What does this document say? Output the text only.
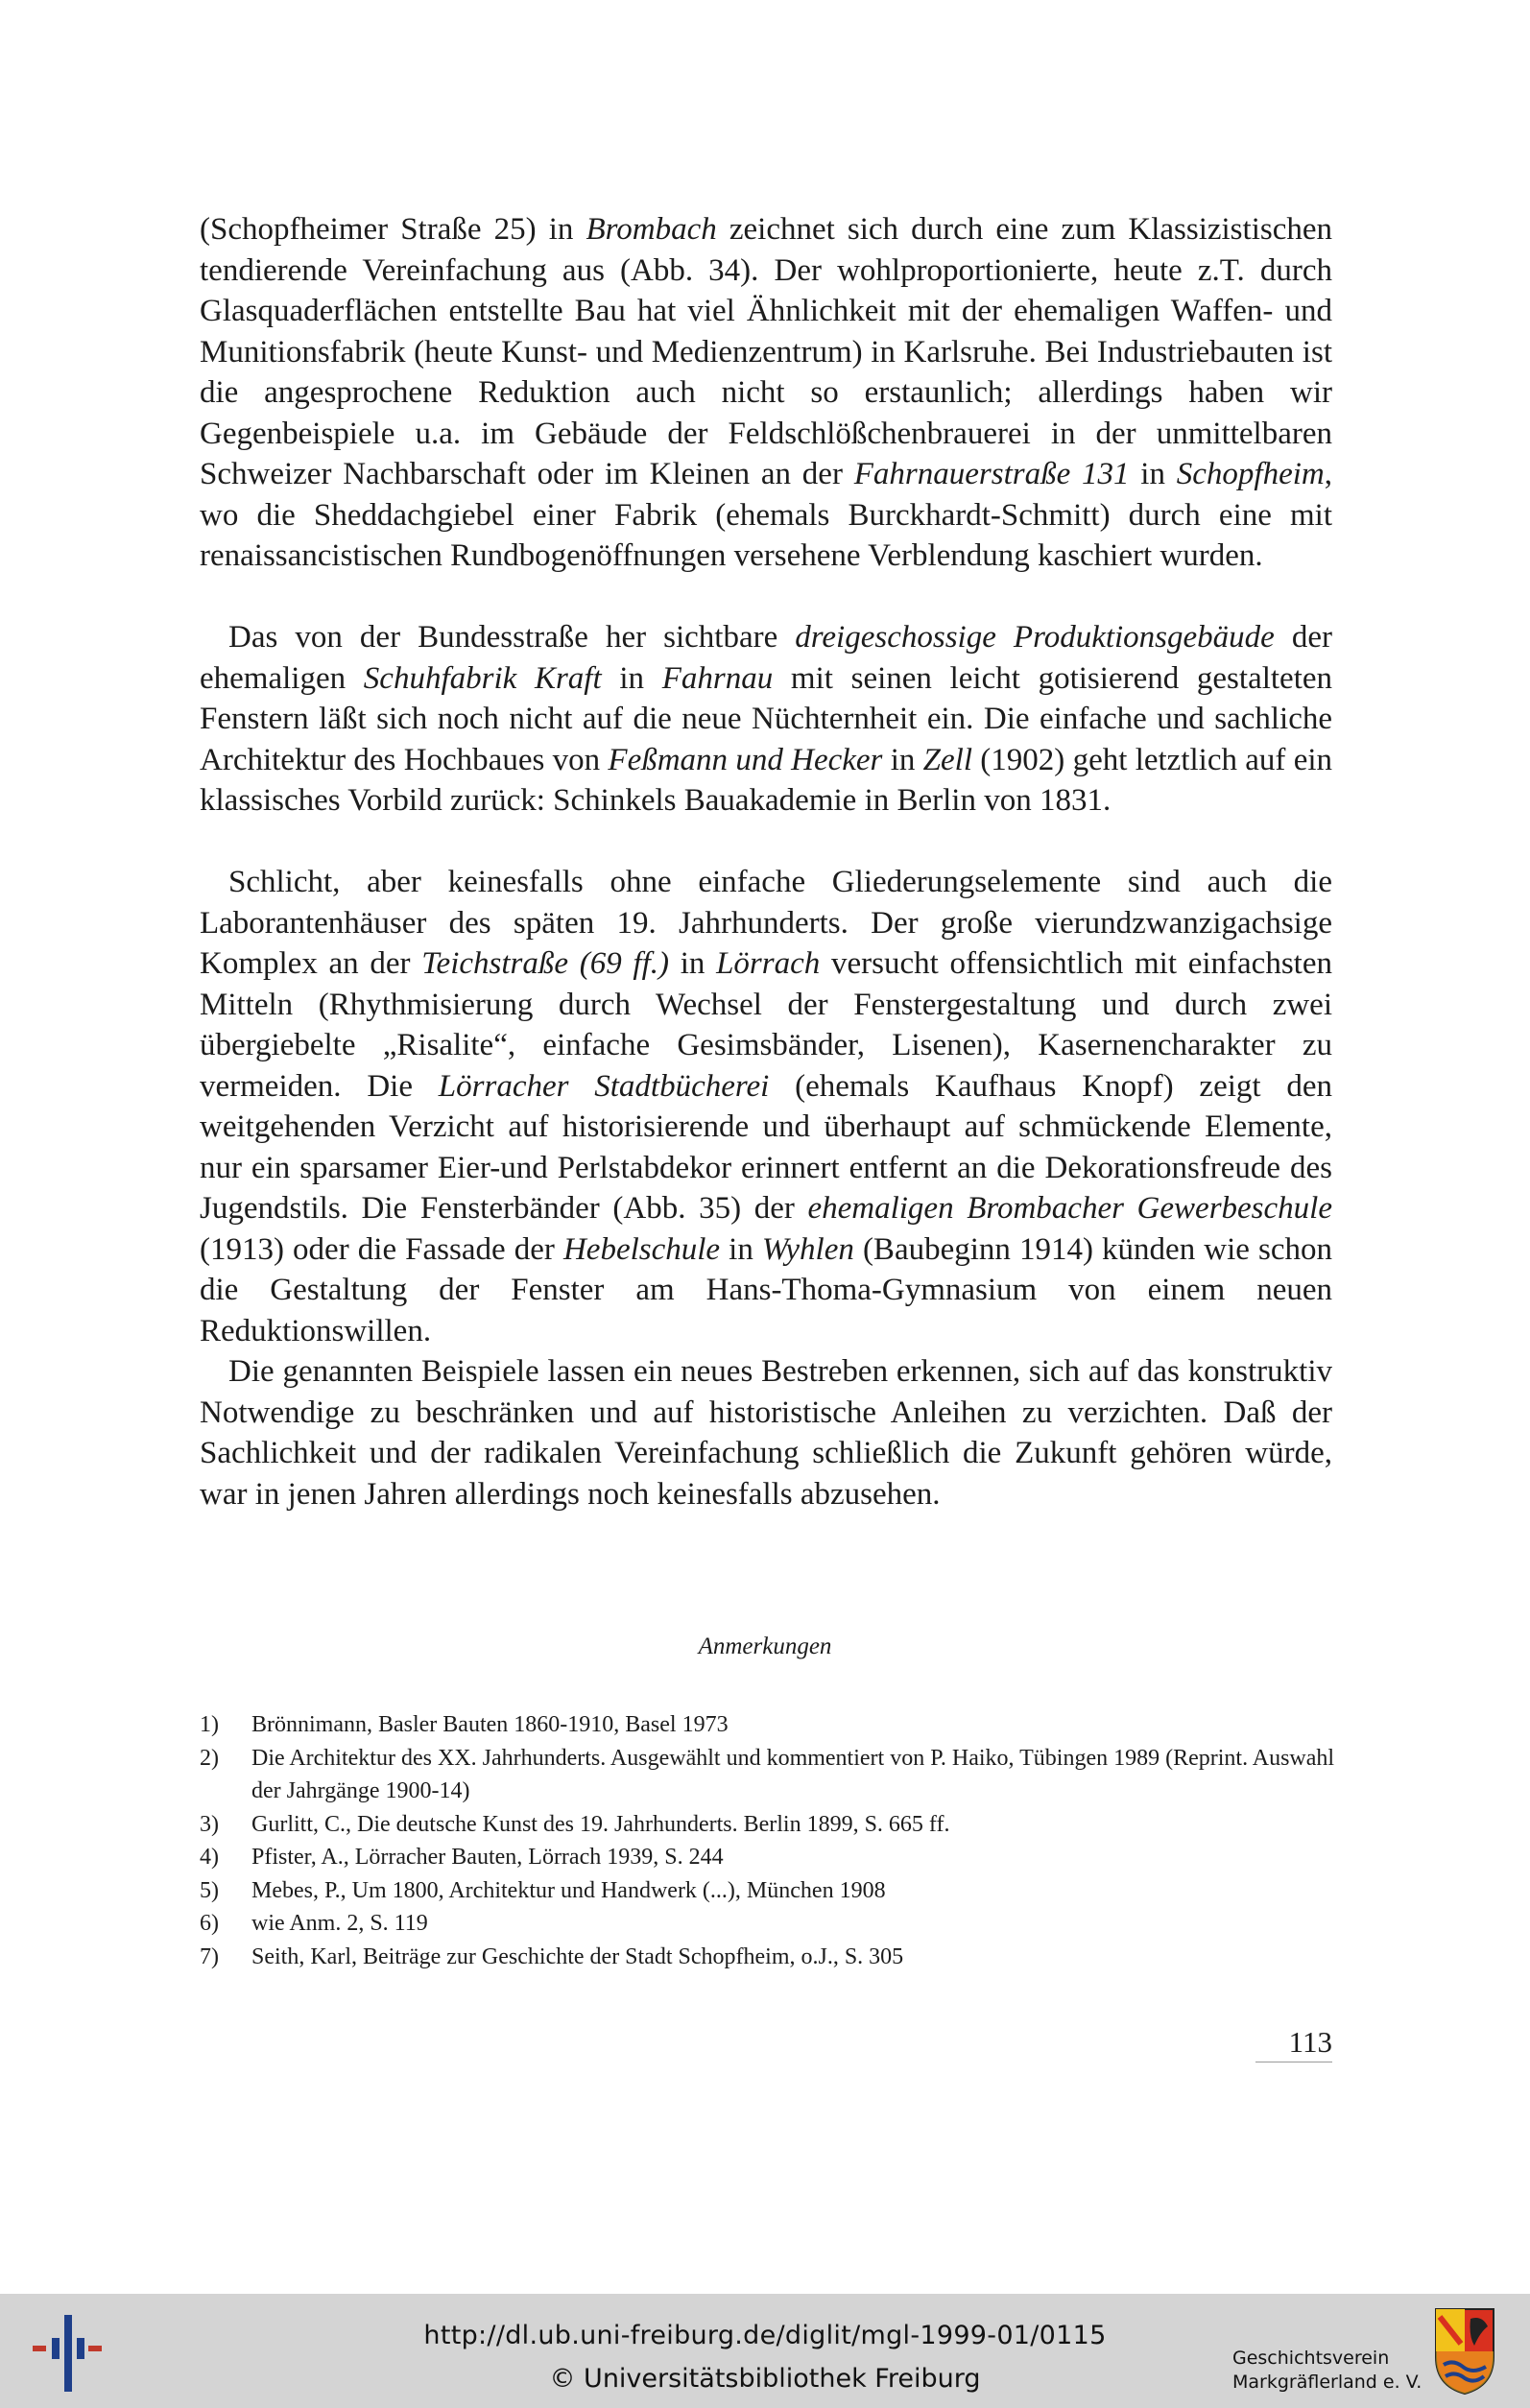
(Schopfheimer Straße 25) in Brombach zeichnet sich durch eine zum Klassizistischen tendierende Vereinfachung aus (Abb. 34). Der wohlproportionierte, heute z.T. durch Glasquaderflächen entstellte Bau hat viel Ähnlichkeit mit der ehemaligen Waffen- und Munitionsfabrik (heute Kunst- und Medienzentrum) in Karlsruhe. Bei Industriebauten ist die angesprochene Reduktion auch nicht so erstaunlich; allerdings haben wir Gegenbeispiele u.a. im Gebäude der Feldschlößchenbrauerei in der unmittelbaren Schweizer Nachbarschaft oder im Kleinen an der Fahrnauerstraße 131 in Schopfheim, wo die Sheddachgiebel einer Fabrik (ehemals Burckhardt-Schmitt) durch eine mit renaissancistischen Rundbogenöffnungen versehene Verblendung kaschiert wurden.

Das von der Bundesstraße her sichtbare dreigeschossige Produktionsgebäude der ehemaligen Schuhfabrik Kraft in Fahrnau mit seinen leicht gotisierend gestalteten Fenstern läßt sich noch nicht auf die neue Nüchternheit ein. Die einfache und sachliche Architektur des Hochbaues von Feßmann und Hecker in Zell (1902) geht letztlich auf ein klassisches Vorbild zurück: Schinkels Bauakademie in Berlin von 1831.

Schlicht, aber keinesfalls ohne einfache Gliederungselemente sind auch die Laborantenhäuser des späten 19. Jahrhunderts. Der große vierundzwanzigachsige Komplex an der Teichstraße (69 ff.) in Lörrach versucht offensichtlich mit einfachsten Mitteln (Rhythmisierung durch Wechsel der Fenstergestaltung und durch zwei übergiebelte „Risalite“, einfache Gesimsbänder, Lisenen), Kasernencharakter zu vermeiden. Die Lörracher Stadtbücherei (ehemals Kaufhaus Knopf) zeigt den weitgehenden Verzicht auf historisierende und überhaupt auf schmückende Elemente, nur ein sparsamer Eier-und Perlstabdekor erinnert entfernt an die Dekorationsfreude des Jugendstils. Die Fensterbänder (Abb. 35) der ehemaligen Brombacher Gewerbeschule (1913) oder die Fassade der Hebelschule in Wyhlen (Baubeginn 1914) künden wie schon die Gestaltung der Fenster am Hans-Thoma-Gymnasium von einem neuen Reduktionswillen.

Die genannten Beispiele lassen ein neues Bestreben erkennen, sich auf das konstruktiv Notwendige zu beschränken und auf historistische Anleihen zu verzichten. Daß der Sachlichkeit und der radikalen Vereinfachung schließlich die Zukunft gehören würde, war in jenen Jahren allerdings noch keinesfalls abzusehen.

Anmerkungen
1)	Brönnimann, Basler Bauten 1860-1910, Basel 1973
2)	Die Architektur des XX. Jahrhunderts. Ausgewählt und kommentiert von P. Haiko, Tübingen 1989 (Reprint. Auswahl der Jahrgänge 1900-14)
3)	Gurlitt, C., Die deutsche Kunst des 19. Jahrhunderts. Berlin 1899, S. 665 ff.
4)	Pfister, A., Lörracher Bauten, Lörrach 1939, S. 244
5)	Mebes, P., Um 1800, Architektur und Handwerk (...), München 1908
6)	wie Anm. 2, S. 119
7)	Seith, Karl, Beiträge zur Geschichte der Stadt Schopfheim, o.J., S. 305
113
http://dl.ub.uni-freiburg.de/diglit/mgl-1999-01/0115
© Universitätsbibliothek Freiburg
Geschichtsverein
Markgräflerland e. V.
